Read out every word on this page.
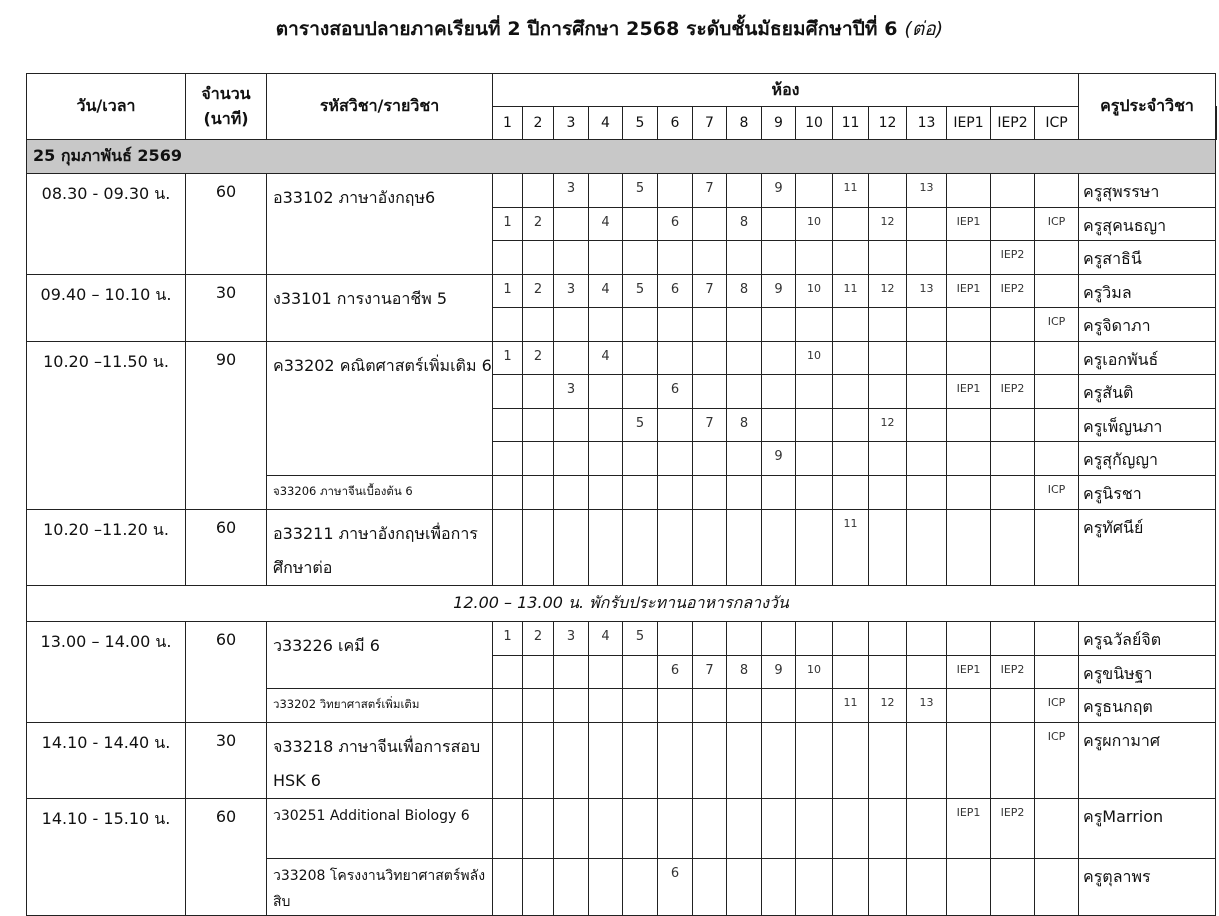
ตารางสอบปลายภาคเรียนที่ 2 ปีการศึกษา 2568 ระดับชั้นมัธยมศึกษาปีที่ 6 (ต่อ)
วัน/เวลา	จำนวน
(นาที)	รหัสวิชา/รายวิชา	ห้อง																ครูประจำวิชา	
			1	2	3	4	5	6	7	8	9	10	11	12	13	IEP1	IEP2	ICP		
25 กุมภาพันธ์ 2569																				
08.30 - 09.30 น.	60	อ33102 ภาษาอังกฤษ6			3		5		7		9		11		13				ครูสุพรรษา	
			1	2		4		6		8		10		12		IEP1		ICP	ครูสุคนธญา	
																	IEP2		ครูสาธินี	
09.40 – 10.10 น.	30	ง33101 การงานอาชีพ 5	1	2	3	4	5	6	7	8	9	10	11	12	13	IEP1	IEP2		ครูวิมล	
																		ICP	ครูจิดาภา	
10.20 –11.50 น.	90	ค33202 คณิตศาสตร์เพิ่มเติม 6	1	2		4						10							ครูเอกพันธ์	
					3			6								IEP1	IEP2		ครูสันติ	
							5		7	8				12					ครูเพ็ญนภา	
											9								ครูสุกัญญา	
		จ33206 ภาษาจีนเบื้องต้น 6																ICP	ครูนิรชา	
10.20 –11.20 น.	60	อ33211 ภาษาอังกฤษเพื่อการศึกษาต่อ											11						ครูทัศนีย์	
12.00 – 13.00 น. พักรับประทานอาหารกลางวัน																				
13.00 – 14.00 น.	60	ว33226 เคมี 6	1	2	3	4	5												ครูฉวัลย์จิต	
								6	7	8	9	10				IEP1	IEP2		ครูขนิษฐา	
		ว33202 วิทยาศาสตร์เพิ่มเติม											11	12	13			ICP	ครูธนกฤต	
14.10 - 14.40 น.	30	จ33218 ภาษาจีนเพื่อการสอบ HSK 6																ICP	ครูผกามาศ	
14.10 - 15.10 น.	60	ว30251 Additional Biology 6														IEP1	IEP2		ครูMarrion	
		ว33208 โครงงานวิทยาศาสตร์พลังสิบ						6											ครูตุลาพร	
